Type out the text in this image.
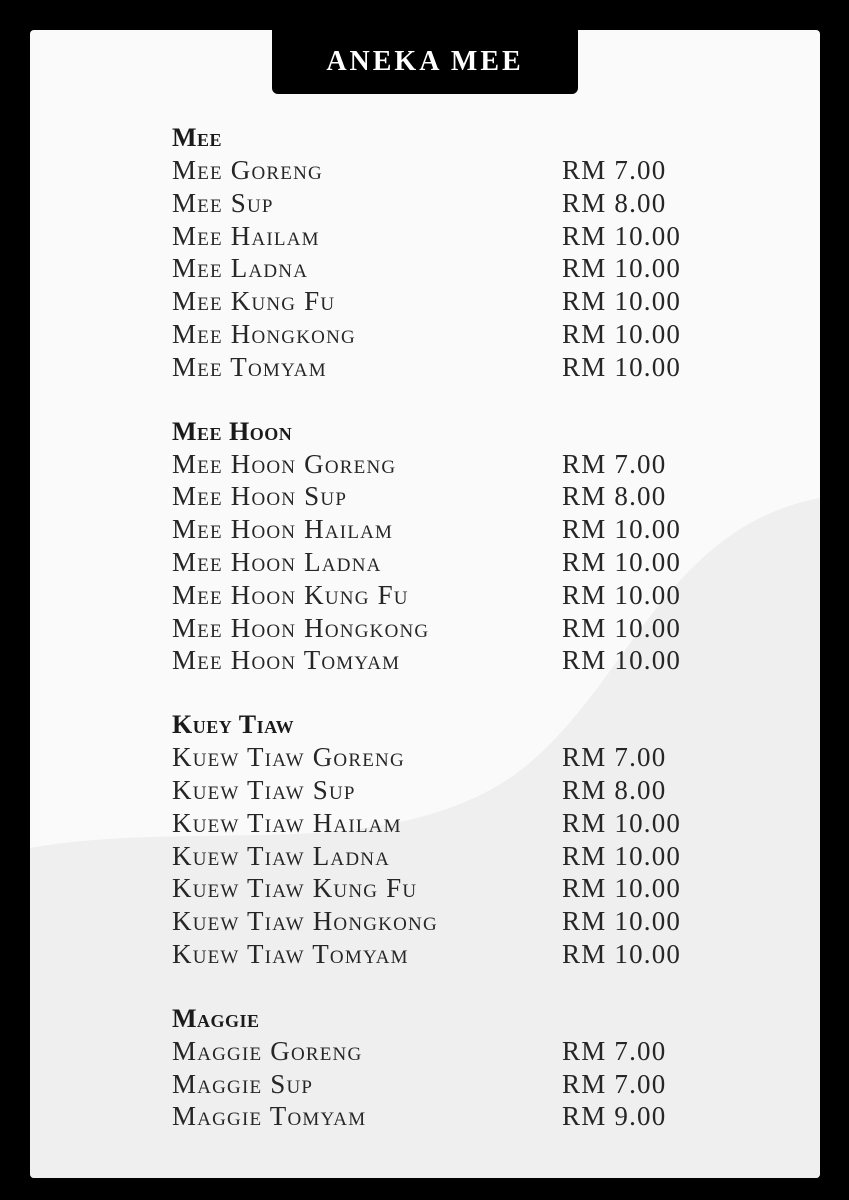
ANEKA MEE
Mee
Mee Goreng	RM 7.00
Mee Sup	RM 8.00
Mee Hailam	RM 10.00
Mee Ladna	RM 10.00
Mee Kung Fu	RM 10.00
Mee Hongkong	RM 10.00
Mee Tomyam	RM 10.00
Mee Hoon
Mee Hoon Goreng	RM 7.00
Mee Hoon Sup	RM 8.00
Mee Hoon Hailam	RM 10.00
Mee Hoon Ladna	RM 10.00
Mee Hoon Kung Fu	RM 10.00
Mee Hoon Hongkong	RM 10.00
Mee Hoon Tomyam	RM 10.00
Kuey Tiaw
Kuew Tiaw Goreng	RM 7.00
Kuew Tiaw Sup	RM 8.00
Kuew Tiaw Hailam	RM 10.00
Kuew Tiaw Ladna	RM 10.00
Kuew Tiaw Kung Fu	RM 10.00
Kuew Tiaw Hongkong	RM 10.00
Kuew Tiaw Tomyam	RM 10.00
Maggie
Maggie Goreng	RM 7.00
Maggie Sup	RM 7.00
Maggie Tomyam	RM 9.00
